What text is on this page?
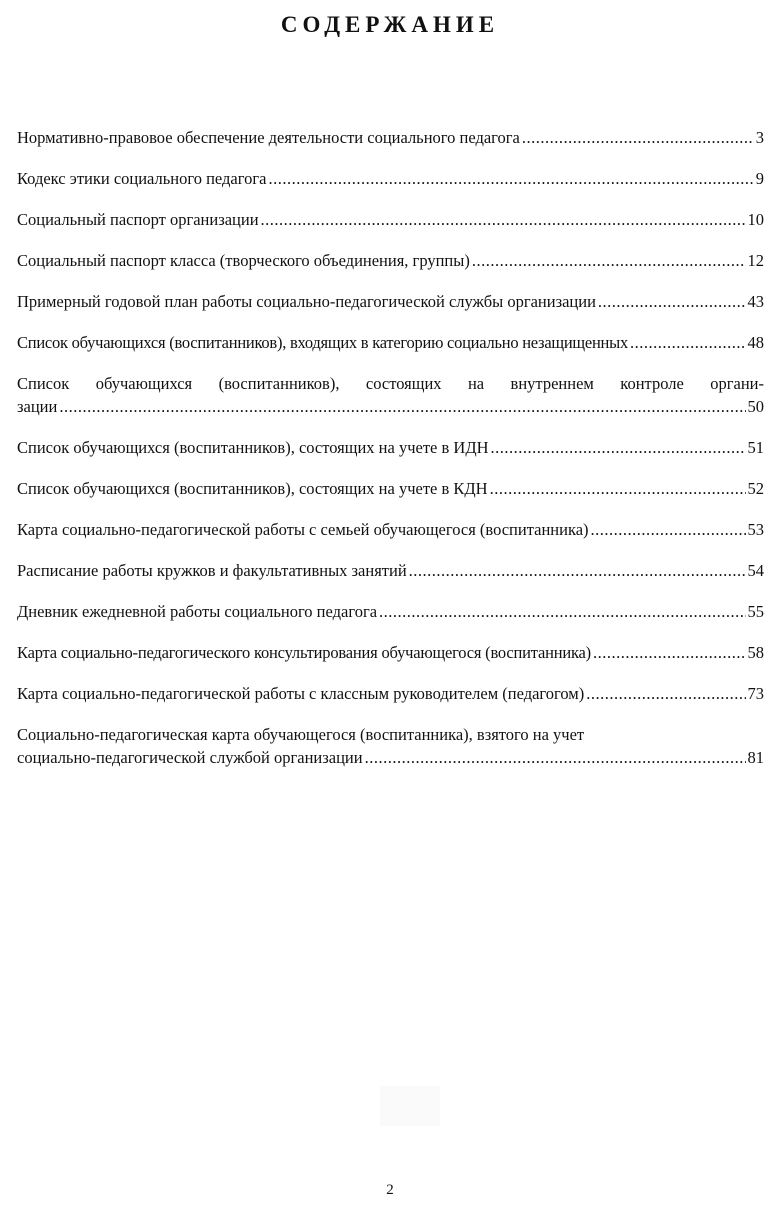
СОДЕРЖАНИЕ
Нормативно-правовое обеспечение деятельности социального педагога .....	3
Кодекс этики социального педагога .....	9
Социальный паспорт организации .....	10
Социальный паспорт класса (творческого объединения, группы) .....	12
Примерный годовой план работы социально-педагогической службы организации .....	43
Список обучающихся (воспитанников), входящих в категорию социально незащищенных .....	48
Список обучающихся (воспитанников), состоящих на внутреннем контроле органи-
зации .....	50
Список обучающихся (воспитанников), состоящих на учете в ИДН .....	51
Список обучающихся (воспитанников), состоящих на учете в КДН .....	52
Карта социально-педагогической работы с семьей обучающегося (воспитанника) .....	53
Расписание работы кружков и факультативных занятий .....	54
Дневник ежедневной работы социального педагога .....	55
Карта социально-педагогического консультирования обучающегося (воспитанника) .....	58
Карта социально-педагогической работы с классным руководителем (педагогом) .....	73
Социально-педагогическая карта обучающегося (воспитанника), взятого на учет
социально-педагогической службой организации .....	81
2
